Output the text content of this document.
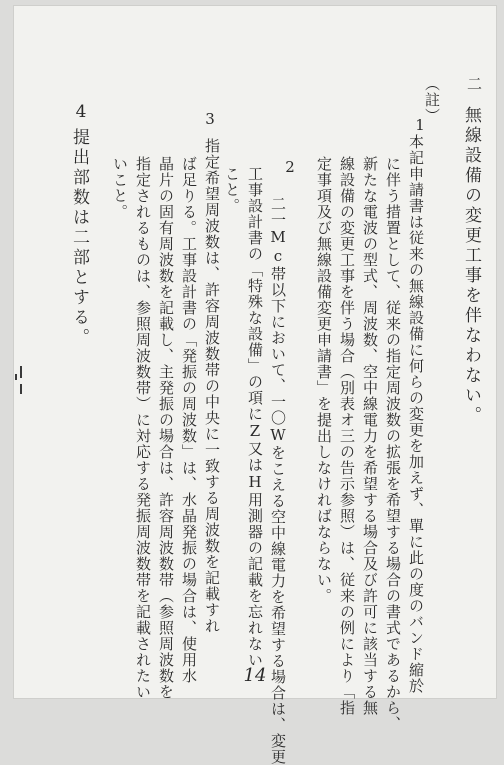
二
無線設備の変更工事を伴なわない。
（註）
1
本記申請書は従来の無線設備に何らの変更を加えず、單に此の度のバンド縮於
に伴う措置として、従来の指定周波数の拡張を希望する場合の書式であるから、
新たな電波の型式、周波数、空中線電力を希望する場合及び許可に該当する無
線設備の変更工事を伴う場合（別表オ三の告示参照）は、従来の例により「指
定事項及び無線設備変更申請書」を提出しなければならない。
2
二一Mc帯以下において、一〇Wをこえる空中線電力を希望する場合は、変更
工事設計書の「特殊な設備」の項にZ又はH用測器の記載を忘れない
こと。
3
指定希望周波数は、許容周波数帯の中央に一致する周波数を記載すれ
ば足りる。工事設計書の「発振の周波数」は、水晶発振の場合は、使用水
晶片の固有周波数を記載し、主発振の場合は、許容周波数帯（参照周波数を
指定されるものは、参照周波数帯）に対応する発振周波数帯を記載されたい
いこと。
4
提出部数は二部とする。
14
